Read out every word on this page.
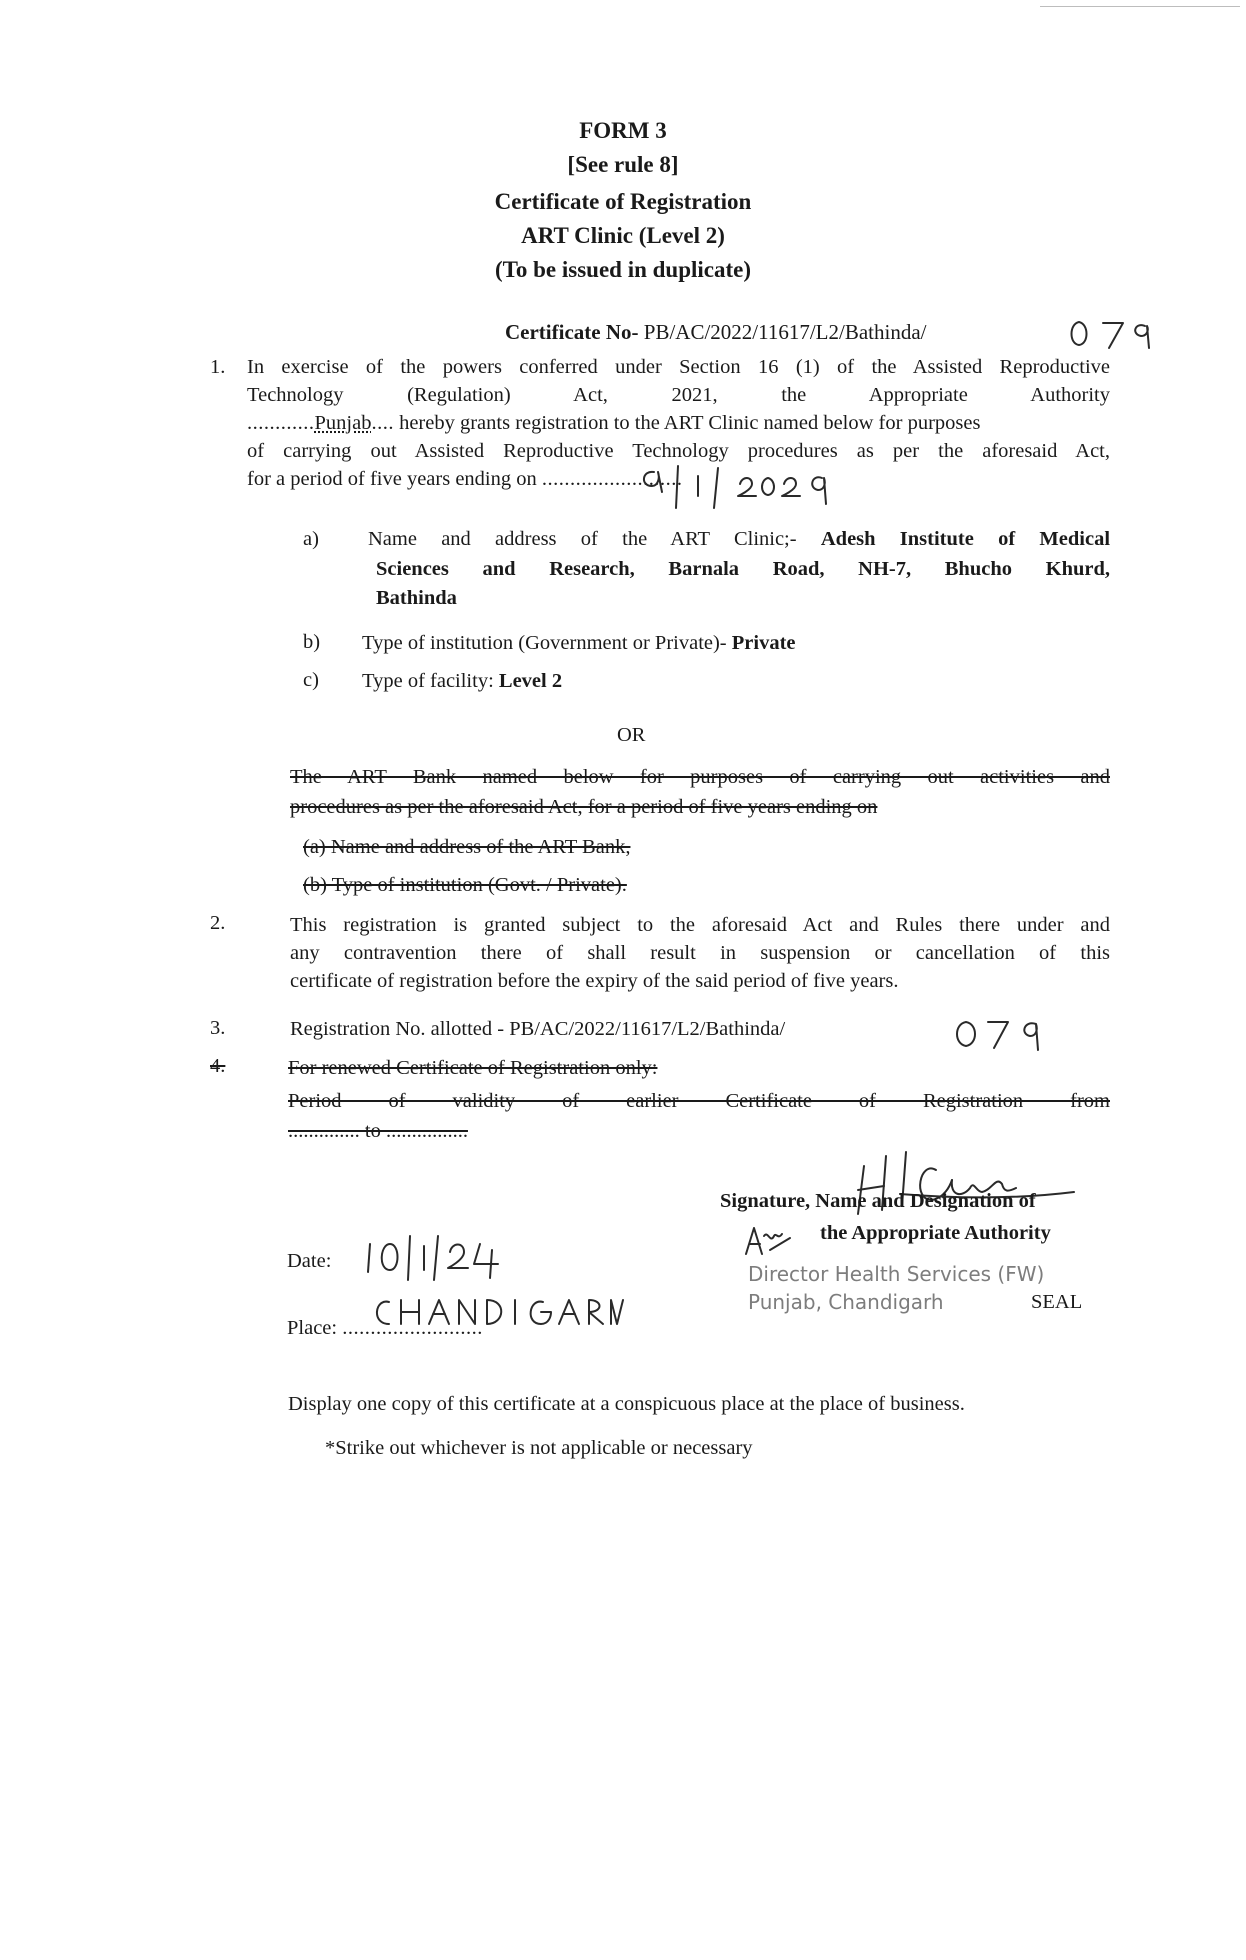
FORM 3
[See rule 8]
Certificate of Registration
ART Clinic (Level 2)
(To be issued in duplicate)
Certificate No- PB/AC/2022/11617/L2/Bathinda/
1. In exercise of the powers conferred under Section 16 (1) of the Assisted Reproductive
Technology (Regulation) Act, 2021, the Appropriate Authority
............Punjab.... hereby grants registration to the ART Clinic named below for purposes
of carrying out Assisted Reproductive Technology procedures as per the aforesaid Act,
for a period of five years ending on .........................
a) Name and address of the ART Clinic;- Adesh Institute of Medical
Sciences and Research, Barnala Road, NH-7, Bhucho Khurd,
Bathinda
b) Type of institution (Government or Private)- Private
c) Type of facility: Level 2
OR
The ART Bank named below for purposes of carrying out activities and
procedures as per the aforesaid Act, for a period of five years ending on
(a) Name and address of the ART Bank,
(b) Type of institution (Govt. / Private).
2.	This registration is granted subject to the aforesaid Act and Rules there under and
any contravention there of shall result in suspension or cancellation of this
certificate of registration before the expiry of the said period of five years.
3.	Registration No. allotted - PB/AC/2022/11617/L2/Bathinda/
4.	For renewed Certificate of Registration only:
Period of validity of earlier Certificate of Registration from
.............. to ................
Signature, Name and Designation of
the Appropriate Authority
Director Health Services (FW)
Punjab, Chandigarh	SEAL
Date:
Place: .........................
Display one copy of this certificate at a conspicuous place at the place of business.
*Strike out whichever is not applicable or necessary
